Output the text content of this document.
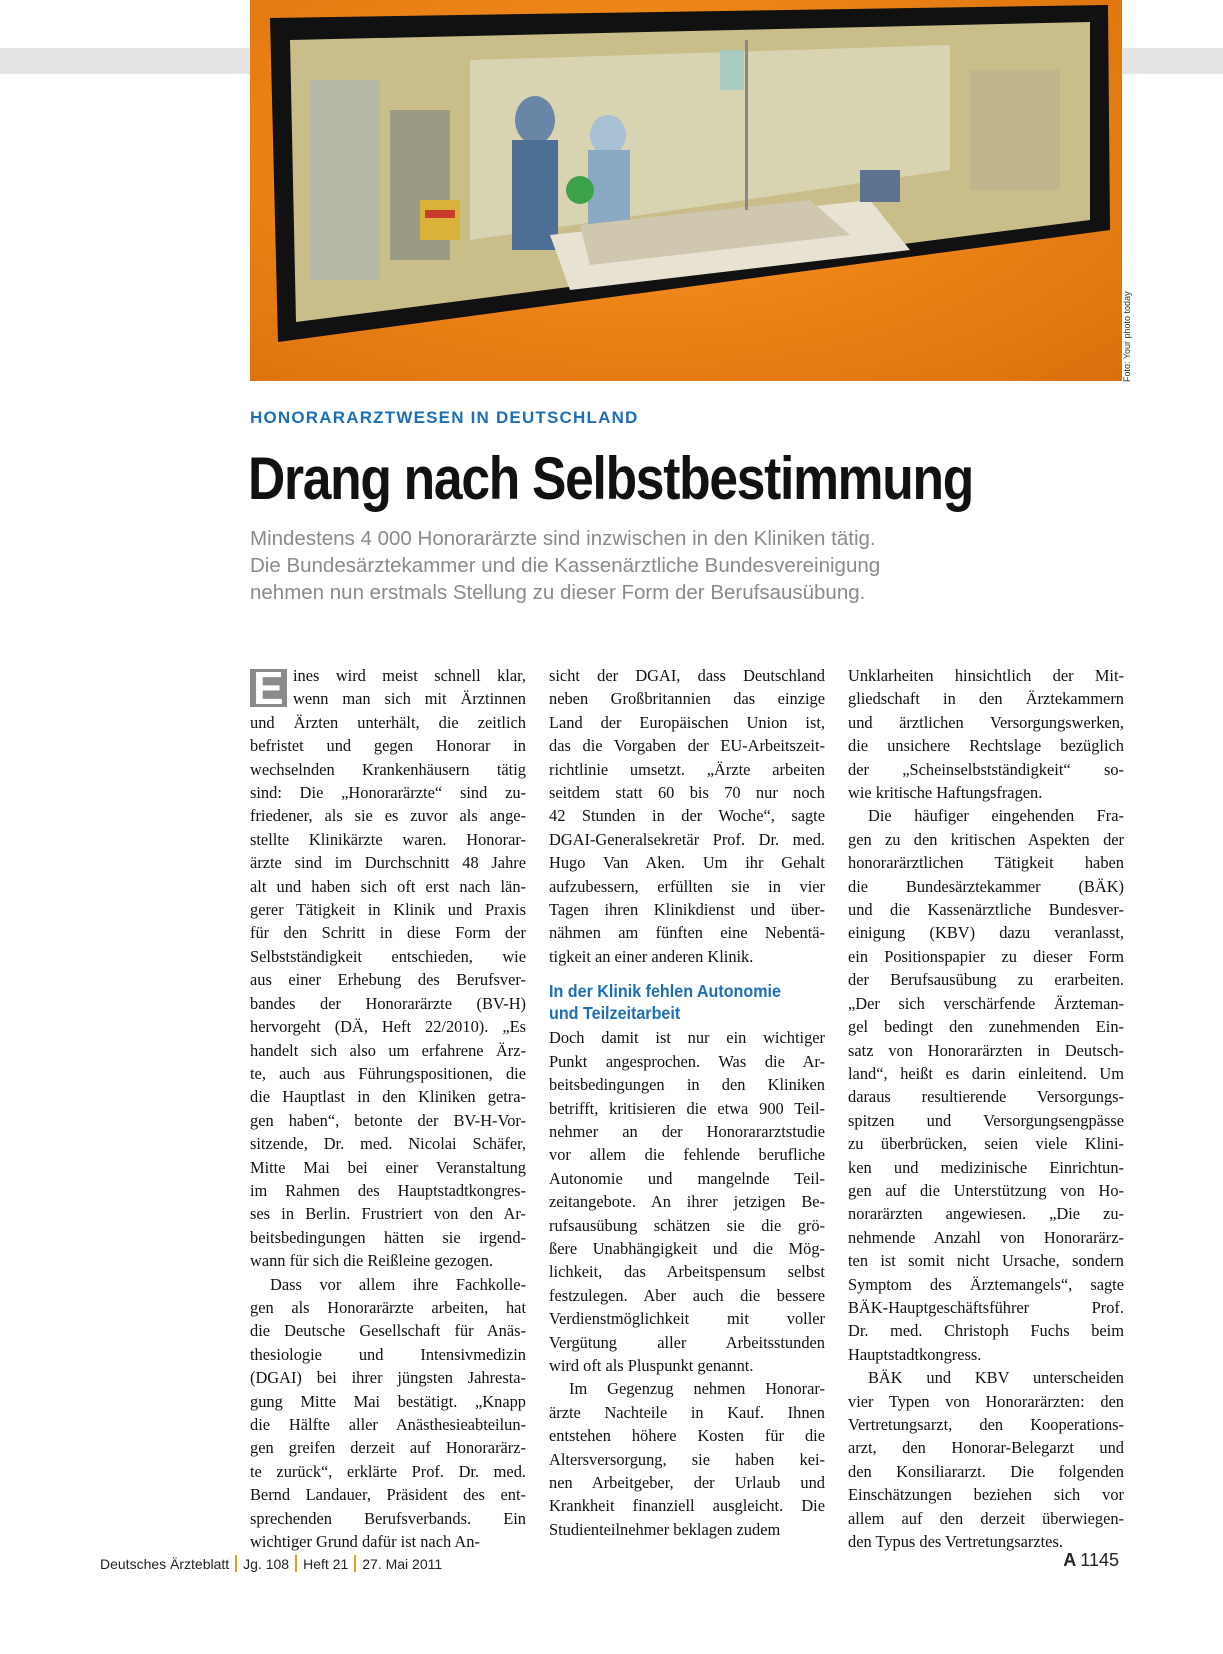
Foto: Your photo today
HONORARARZTWESEN IN DEUTSCHLAND
Drang nach Selbstbestimmung
Mindestens 4 000 Honorarärzte sind inzwischen in den Kliniken tätig.
Die Bundesärztekammer und die Kassenärztliche Bundesvereinigung
nehmen nun erstmals Stellung zu dieser Form der Berufsausübung.
E ines wird meist schnell klar,
wenn man sich mit Ärztinnen
und Ärzten unterhält, die zeitlich
befristet und gegen Honorar in
wechselnden Krankenhäusern tätig
sind: Die „Honorarärzte“ sind zu-
friedener, als sie es zuvor als ange-
stellte Klinikärzte waren. Honorar-
ärzte sind im Durchschnitt 48 Jahre
alt und haben sich oft erst nach län-
gerer Tätigkeit in Klinik und Praxis
für den Schritt in diese Form der
Selbstständigkeit entschieden, wie
aus einer Erhebung des Berufsver-
bandes der Honorarärzte (BV-H)
hervorgeht (DÄ, Heft 22/2010). „Es
handelt sich also um erfahrene Ärz-
te, auch aus Führungspositionen, die
die Hauptlast in den Kliniken getra-
gen haben“, betonte der BV-H-Vor-
sitzende, Dr. med. Nicolai Schäfer,
Mitte Mai bei einer Veranstaltung
im Rahmen des Hauptstadtkongres-
ses in Berlin. Frustriert von den Ar-
beitsbedingungen hätten sie irgend-
wann für sich die Reißleine gezogen.
Dass vor allem ihre Fachkolle-
gen als Honorarärzte arbeiten, hat
die Deutsche Gesellschaft für Anäs-
thesiologie und Intensivmedizin
(DGAI) bei ihrer jüngsten Jahresta-
gung Mitte Mai bestätigt. „Knapp
die Hälfte aller Anästhesieabteilun-
gen greifen derzeit auf Honorarärz-
te zurück“, erklärte Prof. Dr. med.
Bernd Landauer, Präsident des ent-
sprechenden Berufsverbands. Ein
wichtiger Grund dafür ist nach An-
sicht der DGAI, dass Deutschland
neben Großbritannien das einzige
Land der Europäischen Union ist,
das die Vorgaben der EU-Arbeitszeit-
richtlinie umsetzt. „Ärzte arbeiten
seitdem statt 60 bis 70 nur noch
42 Stunden in der Woche“, sagte
DGAI-Generalsekretär Prof. Dr. med.
Hugo Van Aken. Um ihr Gehalt
aufzubessern, erfüllten sie in vier
Tagen ihren Klinikdienst und über-
nähmen am fünften eine Nebentä-
tigkeit an einer anderen Klinik.
In der Klinik fehlen Autonomie
und Teilzeitarbeit
Doch damit ist nur ein wichtiger
Punkt angesprochen. Was die Ar-
beitsbedingungen in den Kliniken
betrifft, kritisieren die etwa 900 Teil-
nehmer an der Honorararztstudie
vor allem die fehlende berufliche
Autonomie und mangelnde Teil-
zeitangebote. An ihrer jetzigen Be-
rufsausübung schätzen sie die grö-
ßere Unabhängigkeit und die Mög-
lichkeit, das Arbeitspensum selbst
festzulegen. Aber auch die bessere
Verdienstmöglichkeit mit voller
Vergütung aller Arbeitsstunden
wird oft als Pluspunkt genannt.
Im Gegenzug nehmen Honorar-
ärzte Nachteile in Kauf. Ihnen
entstehen höhere Kosten für die
Altersversorgung, sie haben kei-
nen Arbeitgeber, der Urlaub und
Krankheit finanziell ausgleicht. Die
Studienteilnehmer beklagen zudem
Unklarheiten hinsichtlich der Mit-
gliedschaft in den Ärztekammern
und ärztlichen Versorgungswerken,
die unsichere Rechtslage bezüglich
der „Scheinselbstständigkeit“ so-
wie kritische Haftungsfragen.
Die häufiger eingehenden Fra-
gen zu den kritischen Aspekten der
honorarärztlichen Tätigkeit haben
die Bundesärztekammer (BÄK)
und die Kassenärztliche Bundesver-
einigung (KBV) dazu veranlasst,
ein Positionspapier zu dieser Form
der Berufsausübung zu erarbeiten.
„Der sich verschärfende Ärzteman-
gel bedingt den zunehmenden Ein-
satz von Honorarärzten in Deutsch-
land“, heißt es darin einleitend. Um
daraus resultierende Versorgungs-
spitzen und Versorgungsengpässe
zu überbrücken, seien viele Klini-
ken und medizinische Einrichtun-
gen auf die Unterstützung von Ho-
norarärzten angewiesen. „Die zu-
nehmende Anzahl von Honorarärz-
ten ist somit nicht Ursache, sondern
Symptom des Ärztemangels“, sagte
BÄK-Hauptgeschäftsführer Prof.
Dr. med. Christoph Fuchs beim
Hauptstadtkongress.
BÄK und KBV unterscheiden
vier Typen von Honorarärzten: den
Vertretungsarzt, den Kooperations-
arzt, den Honorar-Belegarzt und
den Konsiliararzt. Die folgenden
Einschätzungen beziehen sich vor
allem auf den derzeit überwiegen-
den Typus des Vertretungsarztes.
Deutsches Ärzteblatt Jg. 108 Heft 21 27. Mai 2011	A 1145
